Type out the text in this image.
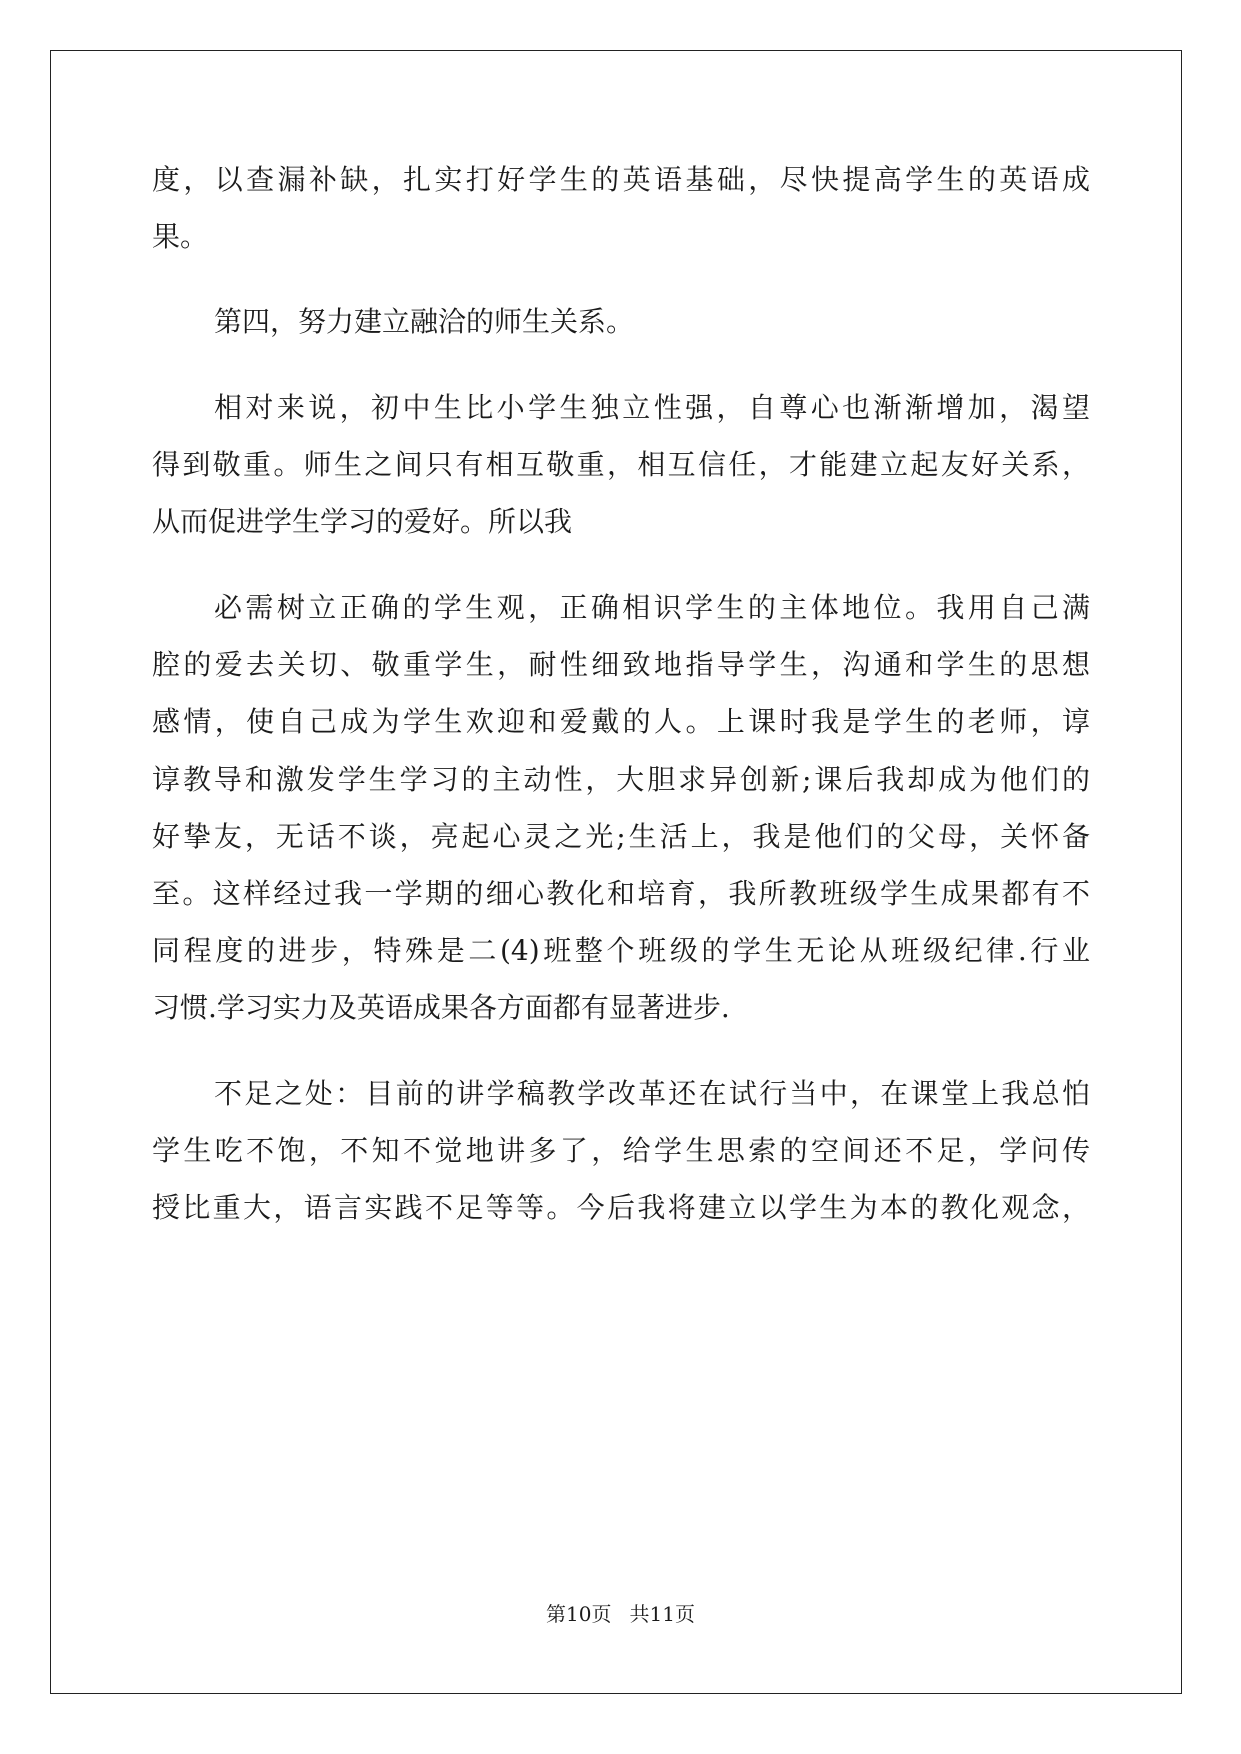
度，以查漏补缺，扎实打好学生的英语基础，尽快提高学生的英语成
果。
第四，努力建立融洽的师生关系。
相对来说，初中生比小学生独立性强，自尊心也渐渐增加，渴望
得到敬重。师生之间只有相互敬重，相互信任，才能建立起友好关系，
从而促进学生学习的爱好。所以我
必需树立正确的学生观，正确相识学生的主体地位。我用自己满
腔的爱去关切、敬重学生，耐性细致地指导学生，沟通和学生的思想
感情，使自己成为学生欢迎和爱戴的人。上课时我是学生的老师，谆
谆教导和激发学生学习的主动性，大胆求异创新;课后我却成为他们的
好挚友，无话不谈，亮起心灵之光;生活上，我是他们的父母，关怀备
至。这样经过我一学期的细心教化和培育，我所教班级学生成果都有不
同程度的进步，特殊是二(4)班整个班级的学生无论从班级纪律.行业
习惯.学习实力及英语成果各方面都有显著进步.
不足之处：目前的讲学稿教学改革还在试行当中，在课堂上我总怕
学生吃不饱，不知不觉地讲多了，给学生思索的空间还不足，学问传
授比重大，语言实践不足等等。今后我将建立以学生为本的教化观念，
第10页 共11页
